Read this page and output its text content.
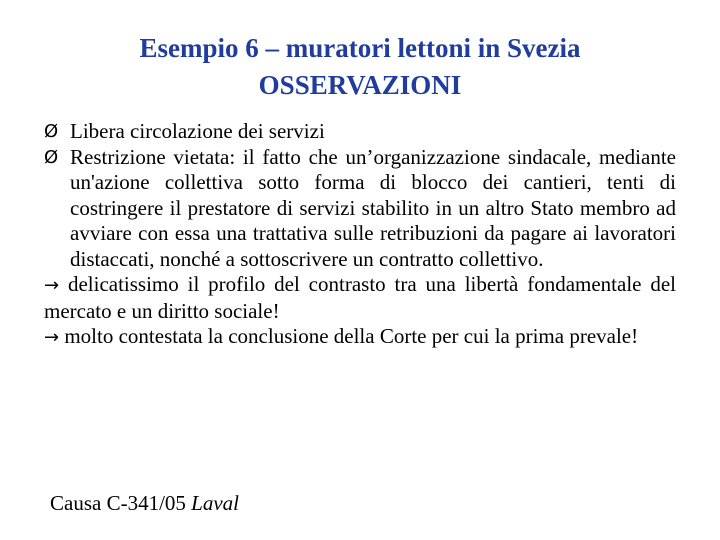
Esempio 6 – muratori lettoni in Svezia
OSSERVAZIONI

Ø Libera circolazione dei servizi

Ø Restrizione vietata: il fatto che un’organizzazione sindacale, mediante un'azione collettiva sotto forma di blocco dei cantieri, tenti di costringere il prestatore di servizi stabilito in un altro Stato membro ad avviare con essa una trattativa sulle retribuzioni da pagare ai lavoratori distaccati, nonché a sottoscrivere un contratto collettivo.

→ delicatissimo il profilo del contrasto tra una libertà fondamentale del mercato e un diritto sociale!

→ molto contestata la conclusione della Corte per cui la prima prevale!

Causa C-341/05 Laval
